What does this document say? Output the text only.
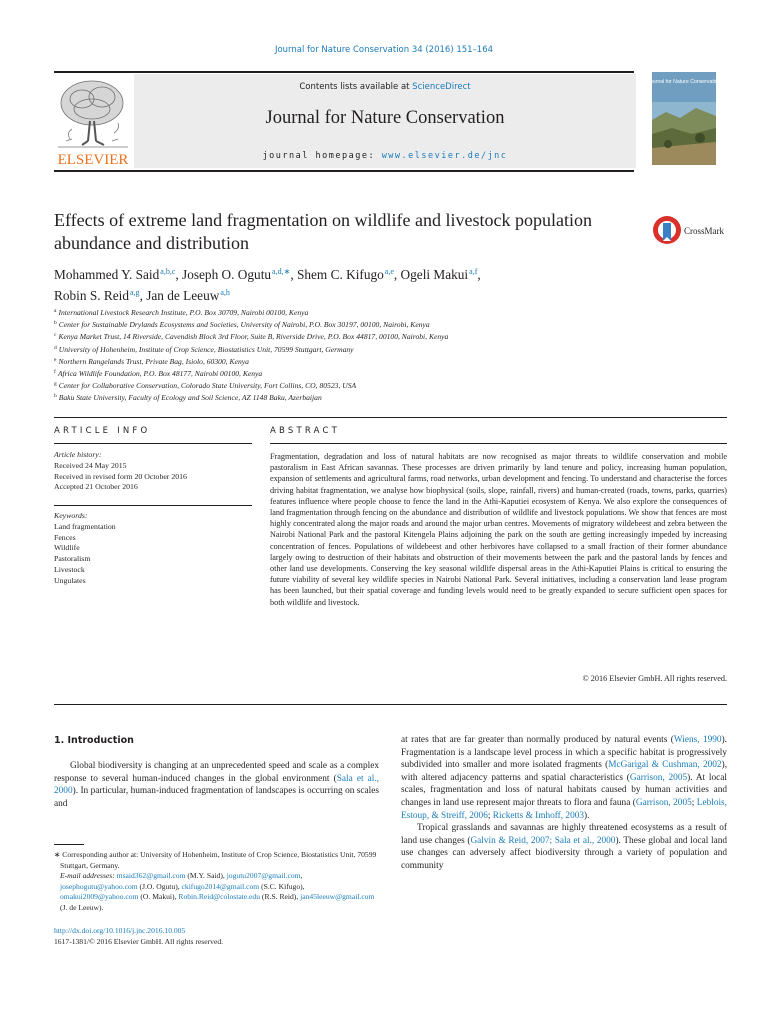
Journal for Nature Conservation 34 (2016) 151–164
ELSEVIER
Contents lists available at ScienceDirect
Journal for Nature Conservation
journal homepage: www.elsevier.de/jnc
Journal for Nature Conservation
Effects of extreme land fragmentation on wildlife and livestock population abundance and distribution
CrossMark
Mohammed Y. Said$^{a,b,c}$, Joseph O. Ogutu$^{a,d,∗}$, Shem C. Kifugo$^{a,e}$, Ogeli Makui$^{a,f}$,
Robin S. Reid$^{a,g}$, Jan de Leeuw$^{a,h}$
$^a$ International Livestock Research Institute, P.O. Box 30709, Nairobi 00100, Kenya
$^b$ Center for Sustainable Drylands Ecosystems and Societies, University of Nairobi, P.O. Box 30197, 00100, Nairobi, Kenya
$^c$ Kenya Market Trust, 14 Riverside, Cavendish Block 3rd Floor, Suite B, Riverside Drive, P.O. Box 44817, 00100, Nairobi, Kenya
$^d$ University of Hohenheim, Institute of Crop Science, Biostatistics Unit, 70599 Stuttgart, Germany
$^e$ Northern Rangelands Trust, Private Bag, Isiolo, 60300, Kenya
$^f$ Africa Wildlife Foundation, P.O. Box 48177, Nairobi 00100, Kenya
$^g$ Center for Collaborative Conservation, Colorado State University, Fort Collins, CO, 80523, USA
$^h$ Baku State University, Faculty of Ecology and Soil Science, AZ 1148 Baku, Azerbaijan
ARTICLE INFO	ABSTRACT
Article history:
Received 24 May 2015
Received in revised form 20 October 2016
Accepted 21 October 2016
Keywords:
Land fragmentation
Fences
Wildlife
Pastoralism
Livestock
Ungulates
Fragmentation, degradation and loss of natural habitats are now recognised as major threats to wildlife conservation and mobile pastoralism in East African savannas. These processes are driven primarily by land tenure and policy, increasing human population, expansion of settlements and agricultural farms, road networks, urban development and fencing. To understand and characterise the forces driving habitat fragmentation, we analyse how biophysical (soils, slope, rainfall, rivers) and human-created (roads, towns, parks, quarries) features influence where people choose to fence the land in the Athi-Kaputiei ecosystem of Kenya. We also explore the consequences of land fragmentation through fencing on the abundance and distribution of wildlife and livestock populations. We show that fences are most highly concentrated along the major roads and around the major urban centres. Movements of migratory wildebeest and zebra between the Nairobi National Park and the pastoral Kitengela Plains adjoining the park on the south are getting increasingly impeded by increasing concentration of fences. Populations of wildebeest and other herbivores have collapsed to a small fraction of their former abundance largely owing to destruction of their habitats and obstruction of their movements between the park and the pastoral lands by fences and other land use developments. Conserving the key seasonal wildlife dispersal areas in the Athi-Kaputiei Plains is critical to ensuring the future viability of several key wildlife species in Nairobi National Park. Several initiatives, including a conservation land lease program has been launched, but their spatial coverage and funding levels would need to be greatly expanded to secure sufficient open spaces for both wildlife and livestock.
© 2016 Elsevier GmbH. All rights reserved.
1. Introduction
Global biodiversity is changing at an unprecedented speed and scale as a complex response to several human-induced changes in the global environment (Sala et al., 2000). In particular, human-induced fragmentation of landscapes is occurring on scales and
∗ Corresponding author at: University of Hohenheim, Institute of Crop Science, Biostatistics Unit, 70599 Stuttgart, Germany.
E-mail addresses: msaid362@gmail.com (M.Y. Said), jogutu2007@gmail.com, josephogutu@yahoo.com (J.O. Ogutu), ckifugo2014@gmail.com (S.C. Kifugo), omakui2009@yahoo.com (O. Makui), Robin.Reid@colostate.edu (R.S. Reid), jan45leeuw@gmail.com (J. de Leeuw).
http://dx.doi.org/10.1016/j.jnc.2016.10.005
1617-1381/© 2016 Elsevier GmbH. All rights reserved.
at rates that are far greater than normally produced by natural events (Wiens, 1990). Fragmentation is a landscape level process in which a specific habitat is progressively subdivided into smaller and more isolated fragments (McGarigal & Cushman, 2002), with altered adjacency patterns and spatial characteristics (Garrison, 2005). At local scales, fragmentation and loss of natural habitats caused by human activities and changes in land use represent major threats to flora and fauna (Garrison, 2005; Leblois, Estoup, & Streiff, 2006; Ricketts & Imhoff, 2003).
Tropical grasslands and savannas are highly threatened ecosystems as a result of land use changes (Galvin & Reid, 2007; Sala et al., 2000). These global and local land use changes can adversely affect biodiversity through a variety of population and community
